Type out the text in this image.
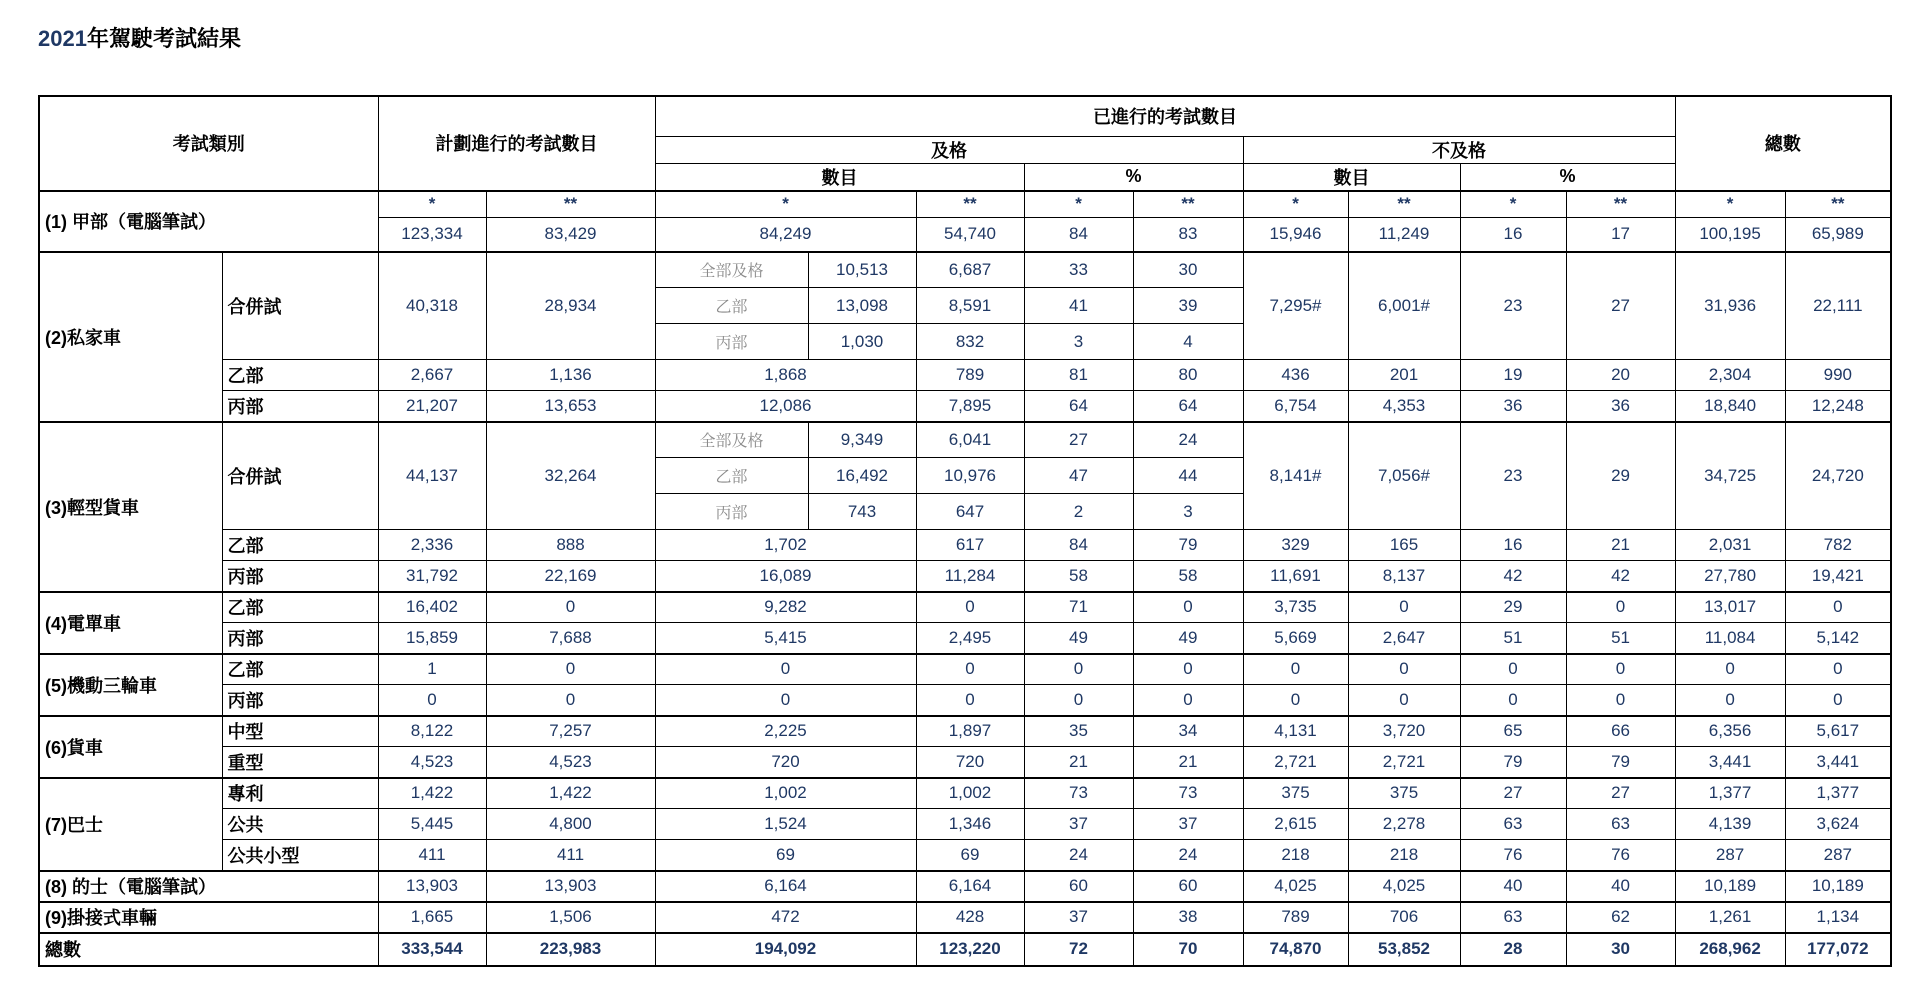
2021年駕駛考試結果
考試類別		計劃進行的考試數目		已進行的考試數目									總數	
				及格					不及格					
				數目			%		數目		%			
(1) 甲部（電腦筆試）		*	**	*		**	*	**	*	**	*	**	*	**
		123,334	83,429	84,249		54,740	84	83	15,946	11,249	16	17	100,195	65,989
(2)私家車	合併試	40,318	28,934	全部及格	10,513	6,687	33	30	7,295#	6,001#	23	27	31,936	22,111
				乙部	13,098	8,591	41	39						
				丙部	1,030	832	3	4						
	乙部	2,667	1,136	1,868		789	81	80	436	201	19	20	2,304	990
	丙部	21,207	13,653	12,086		7,895	64	64	6,754	4,353	36	36	18,840	12,248
(3)輕型貨車	合併試	44,137	32,264	全部及格	9,349	6,041	27	24	8,141#	7,056#	23	29	34,725	24,720
				乙部	16,492	10,976	47	44						
				丙部	743	647	2	3						
	乙部	2,336	888	1,702		617	84	79	329	165	16	21	2,031	782
	丙部	31,792	22,169	16,089		11,284	58	58	11,691	8,137	42	42	27,780	19,421
(4)電單車	乙部	16,402	0	9,282		0	71	0	3,735	0	29	0	13,017	0
	丙部	15,859	7,688	5,415		2,495	49	49	5,669	2,647	51	51	11,084	5,142
(5)機動三輪車	乙部	1	0	0		0	0	0	0	0	0	0	0	0
	丙部	0	0	0		0	0	0	0	0	0	0	0	0
(6)貨車	中型	8,122	7,257	2,225		1,897	35	34	4,131	3,720	65	66	6,356	5,617
	重型	4,523	4,523	720		720	21	21	2,721	2,721	79	79	3,441	3,441
(7)巴士	專利	1,422	1,422	1,002		1,002	73	73	375	375	27	27	1,377	1,377
	公共	5,445	4,800	1,524		1,346	37	37	2,615	2,278	63	63	4,139	3,624
	公共小型	411	411	69		69	24	24	218	218	76	76	287	287
(8) 的士（電腦筆試）		13,903	13,903	6,164		6,164	60	60	4,025	4,025	40	40	10,189	10,189
(9)掛接式車輛		1,665	1,506	472		428	37	38	789	706	63	62	1,261	1,134
總數		333,544	223,983	194,092		123,220	72	70	74,870	53,852	28	30	268,962	177,072
